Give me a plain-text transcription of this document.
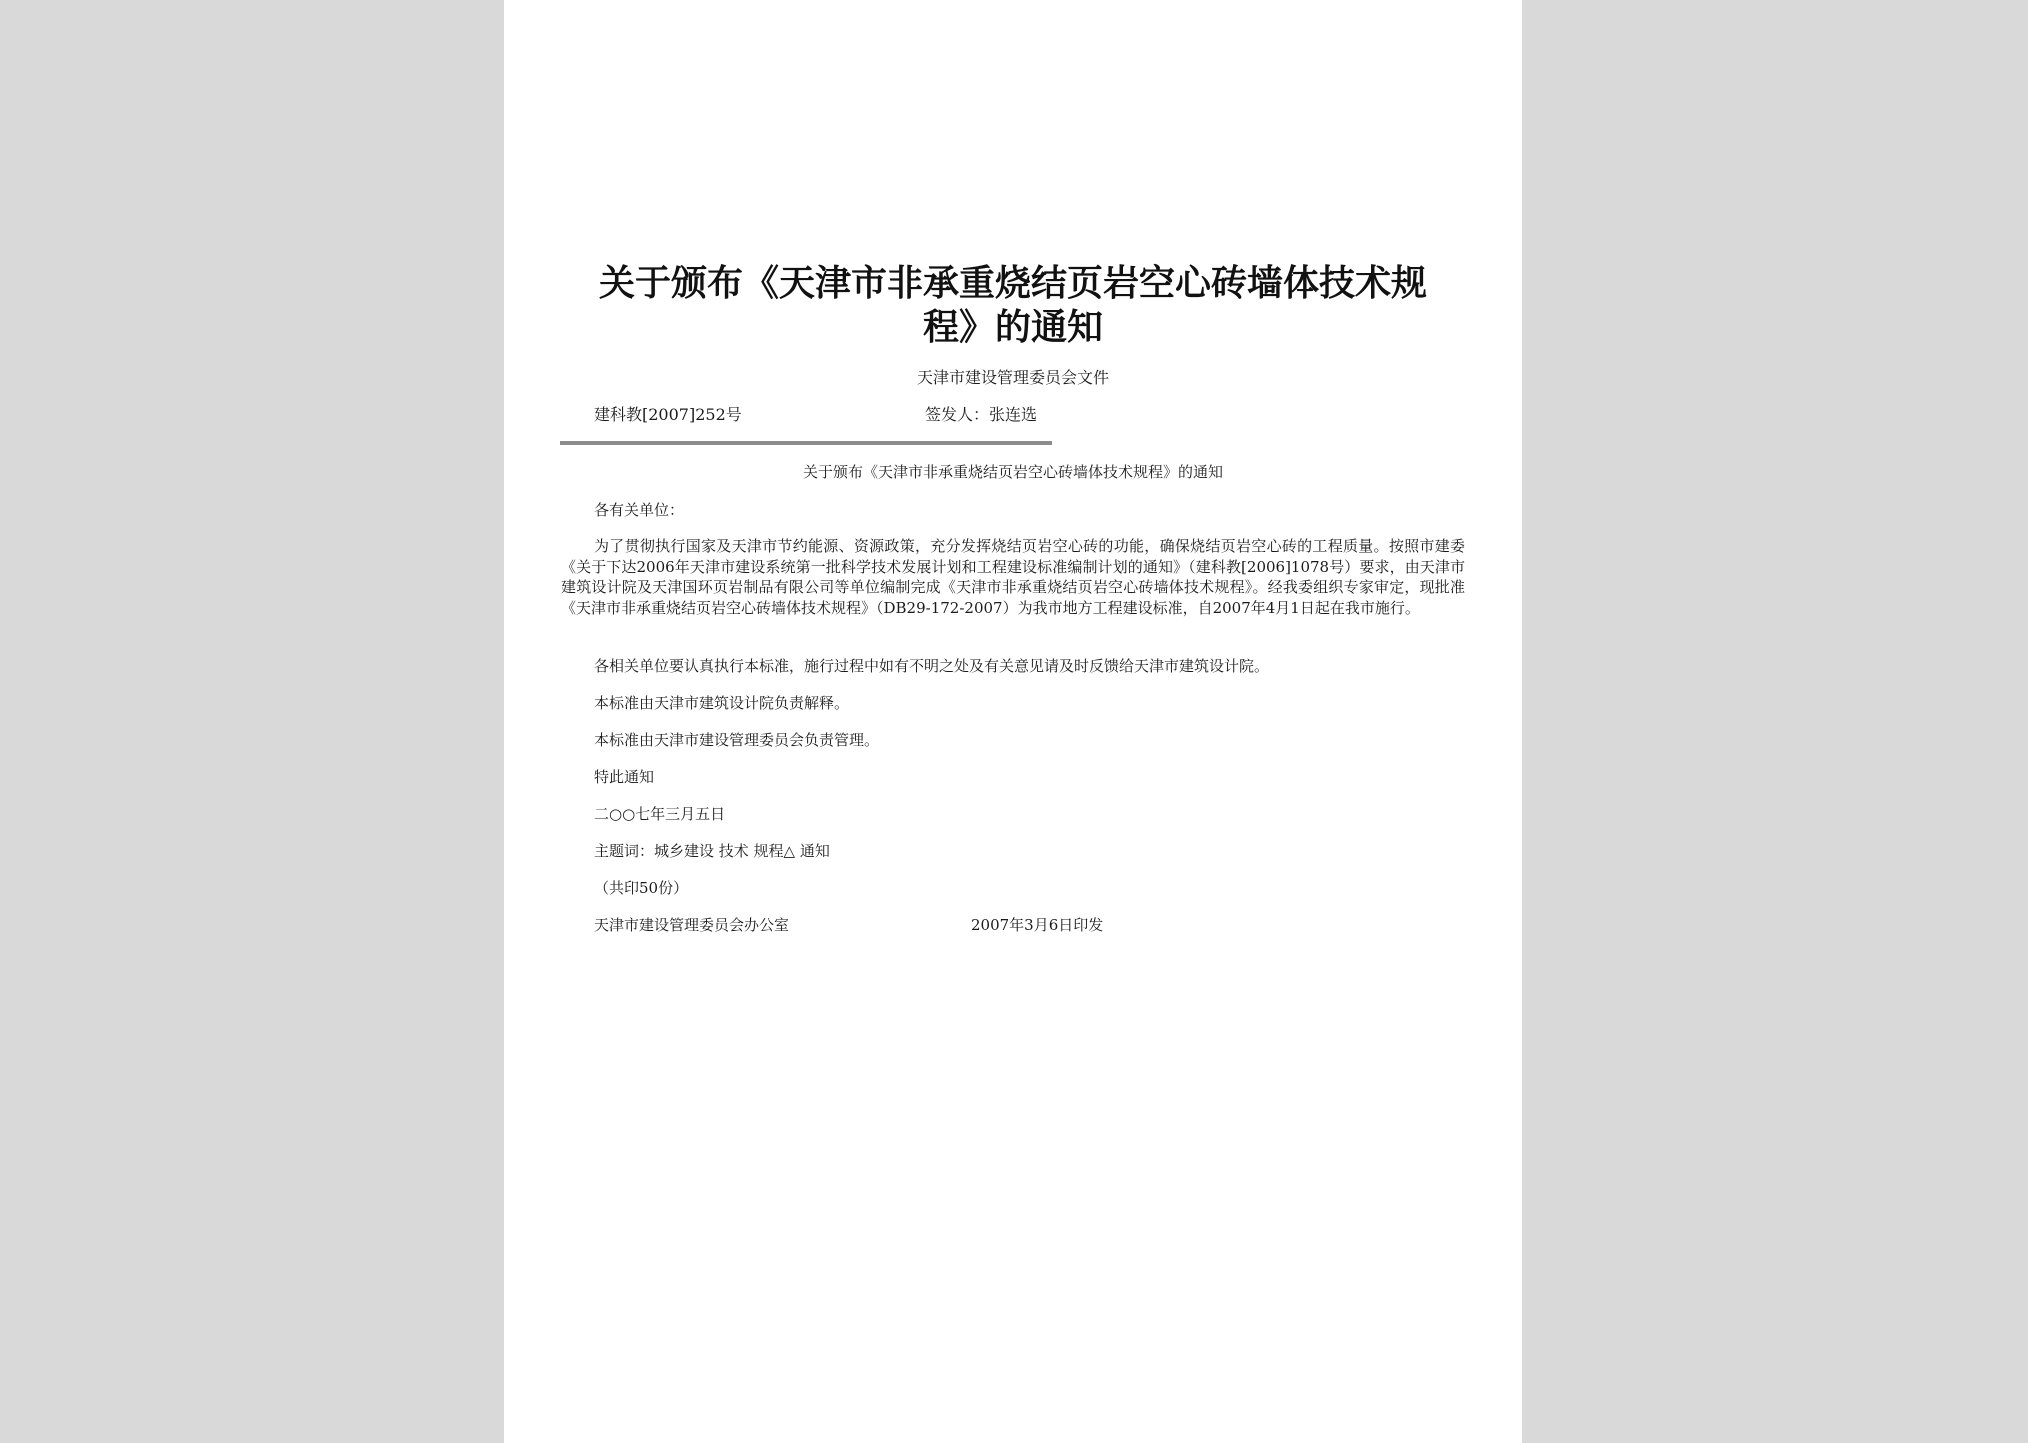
关于颁布《天津市非承重烧结页岩空心砖墙体技术规
程》的通知
天津市建设管理委员会文件
建科教[2007]252号	签发人：张连选
关于颁布《天津市非承重烧结页岩空心砖墙体技术规程》的通知
各有关单位：
为了贯彻执行国家及天津市节约能源、资源政策，充分发挥烧结页岩空心砖的功能，确保烧结页岩空心砖的工程质量。按照市建委《关于下达2006年天津市建设系统第一批科学技术发展计划和工程建设标准编制计划的通知》（建科教[2006]1078号）要求，由天津市建筑设计院及天津国环页岩制品有限公司等单位编制完成《天津市非承重烧结页岩空心砖墙体技术规程》。经我委组织专家审定，现批准《天津市非承重烧结页岩空心砖墙体技术规程》（DB29-172-2007）为我市地方工程建设标准，自2007年4月1日起在我市施行。
各相关单位要认真执行本标准，施行过程中如有不明之处及有关意见请及时反馈给天津市建筑设计院。
本标准由天津市建筑设计院负责解释。
本标准由天津市建设管理委员会负责管理。
特此通知
二○○七年三月五日
主题词：城乡建设 技术 规程△ 通知
（共印50份）
天津市建设管理委员会办公室	2007年3月6日印发
